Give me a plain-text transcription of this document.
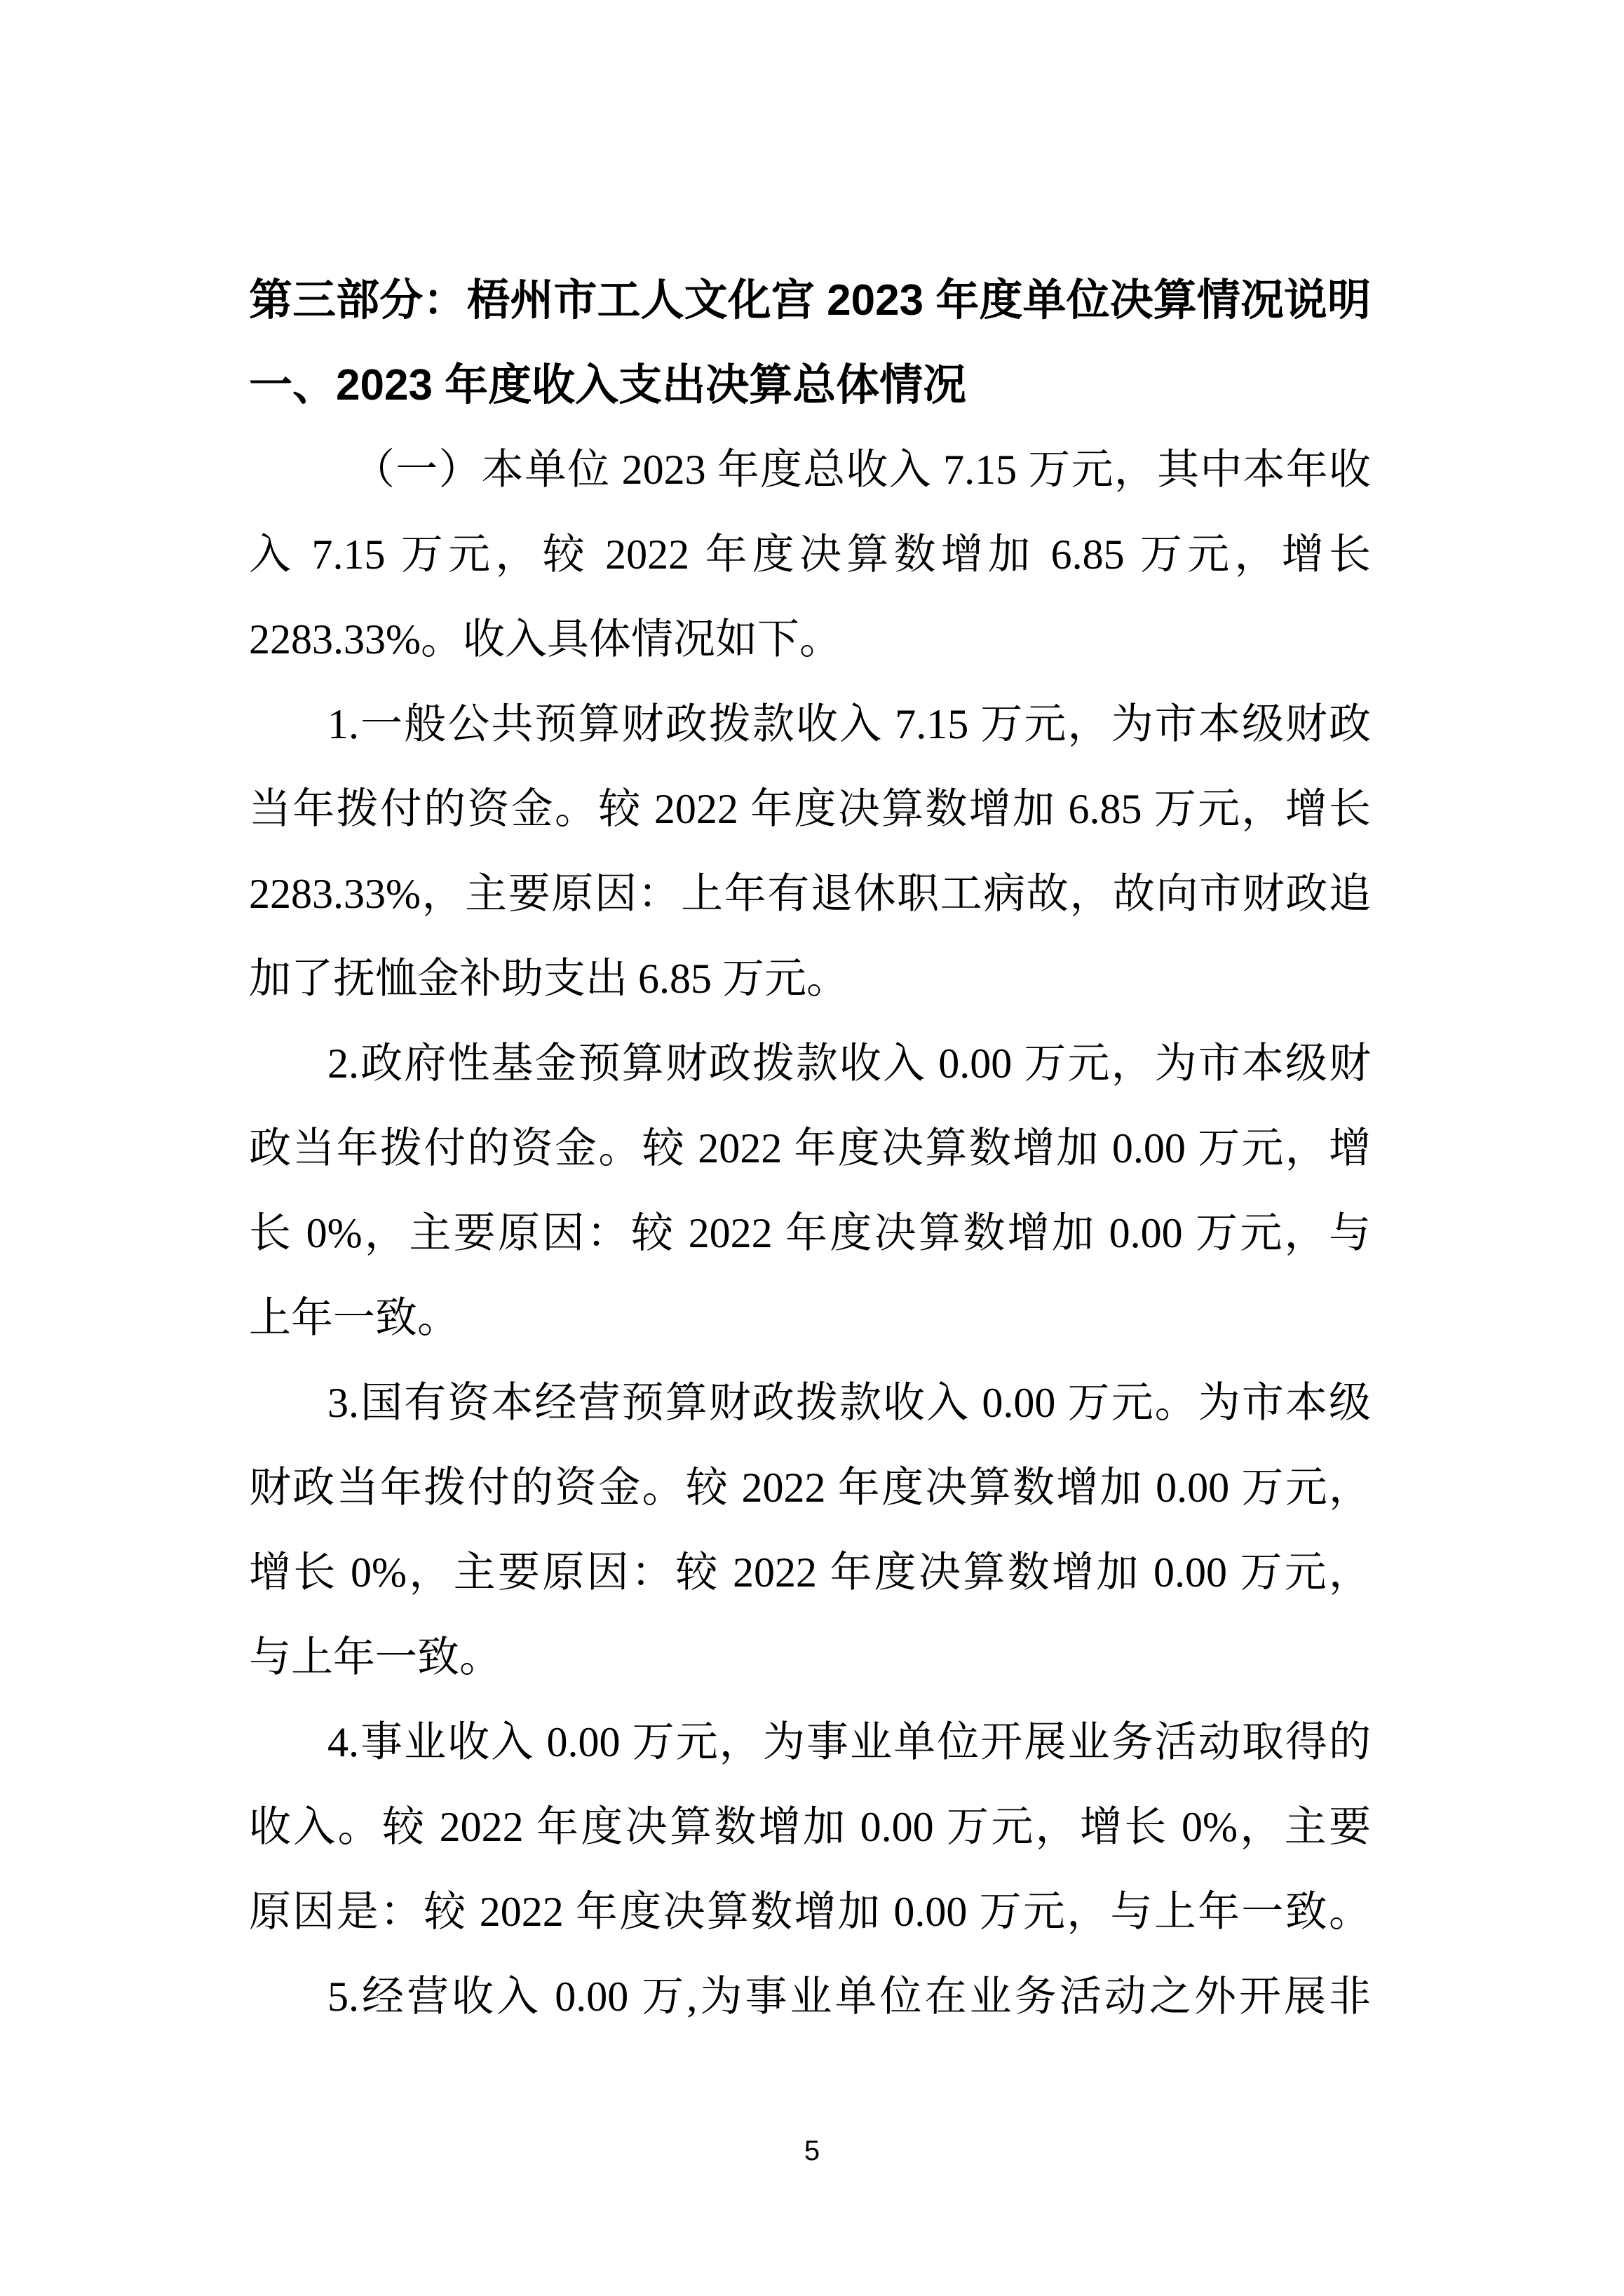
第三部分：梧州市工人文化宫 2023 年度单位决算情况说明
一、2023 年度收入支出决算总体情况
（一）本单位 2023 年度总收入 7.15 万元，其中本年收
入 7.15 万元，较 2022 年度决算数增加 6.85 万元，增长
2283.33%。收入具体情况如下。
1.一般公共预算财政拨款收入 7.15 万元，为市本级财政
当年拨付的资金。较 2022 年度决算数增加 6.85 万元，增长
2283.33%，主要原因：上年有退休职工病故，故向市财政追
加了抚恤金补助支出 6.85 万元。
2.政府性基金预算财政拨款收入 0.00 万元，为市本级财
政当年拨付的资金。较 2022 年度决算数增加 0.00 万元，增
长 0%，主要原因：较 2022 年度决算数增加 0.00 万元，与
上年一致。
3.国有资本经营预算财政拨款收入 0.00 万元。为市本级
财政当年拨付的资金。较 2022 年度决算数增加 0.00 万元，
增长 0%，主要原因：较 2022 年度决算数增加 0.00 万元，
与上年一致。
4.事业收入 0.00 万元，为事业单位开展业务活动取得的
收入。较 2022 年度决算数增加 0.00 万元，增长 0%，主要
原因是：较 2022 年度决算数增加 0.00 万元，与上年一致。
5.经营收入 0.00 万,为事业单位在业务活动之外开展非
5
